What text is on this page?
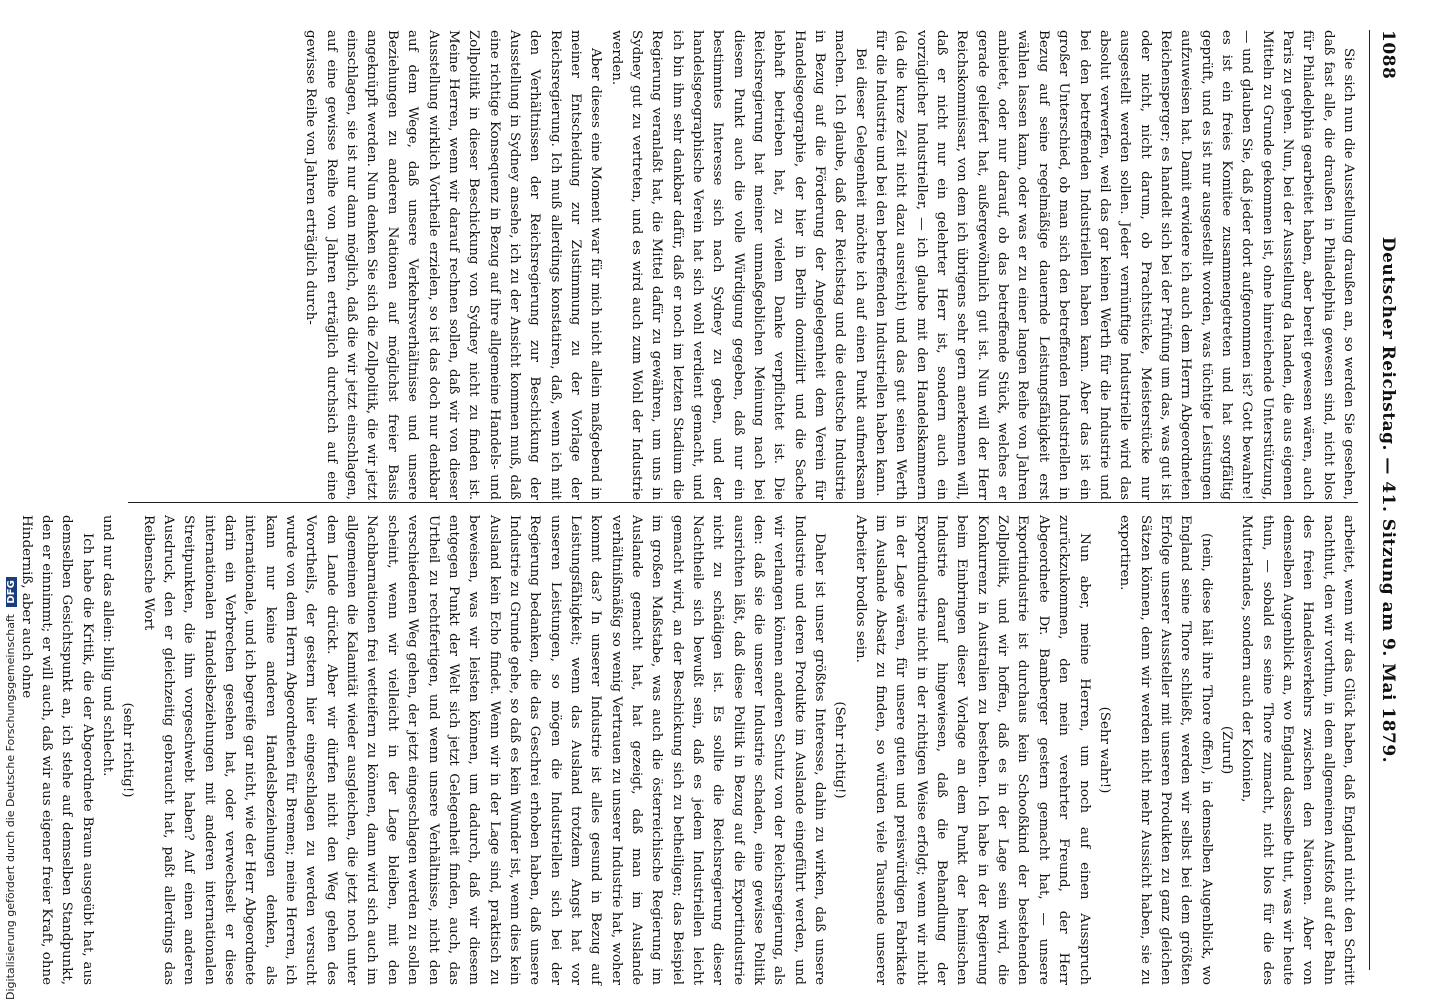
1088
Deutscher Reichstag. — 41. Sitzung am 9. Mai 1879.

Sie sich nun die Ausstellung draußen an, so werden Sie gesehen, daß fast alle, die draußen in Philadelphia gewesen sind, nicht blos für Philadelphia gearbeitet haben, aber bereit gewesen wären, auch Paris zu gehen. Nun, bei der Ausstellung da handen, die aus eigenen Mitteln zu Grunde gekommen ist, ohne hinreichende Unterstützung, — und glauben Sie, daß jeder dort aufgenommen ist? Gott bewahre! es ist ein freies Komitee zusammengetreten und hat sorgfältig geprüft, und es ist nur ausgestellt worden, was tüchtige Leistungen aufzuweisen hat. Damit erwidere ich auch dem Herrn Abgeordneten Reichensperger; es handelt sich bei der Prüfung um das, was gut ist oder nicht, nicht darum, ob Prachtstücke, Meisterstücke nur ausgestellt werden sollen. Jeder vernünftige Industrielle wird das absolut verwerfen, weil das gar keinen Werth für die Industrie und bei den betreffenden Industriellen haben kann. Aber das ist ein großer Unterschied, ob man sich den betreffenden Industriellen in Bezug auf seine regelmäßige dauernde Leistungsfähigkeit erst wählen lassen kann, oder was er zu einer langen Reihe von Jahren anbietet, oder nur darauf, ob das betreffende Stück, welches er gerade geliefert hat, außergewöhnlich gut ist. Nun will der Herr Reichskommissar, von dem ich übrigens sehr gern anerkennen will, daß er nicht nur ein gelehrter Herr ist, sondern auch ein vorzüglicher Industrieller, — ich glaube mit den Handelskammern (da die kurze Zeit nicht dazu ausreicht) und das gut seinen Werth für die Industrie und bei den betreffenden Industriellen haben kann.

Bei dieser Gelegenheit möchte ich auf einen Punkt aufmerksam machen. Ich glaube, daß der Reichstag und die deutsche Industrie in Bezug auf die Förderung der Angelegenheit dem Verein für Handelsgeographie, der hier in Berlin domizilirt und die Sache lebhaft betrieben hat, zu vielem Danke verpflichtet ist. Die Reichsregierung hat meiner unmaßgeblichen Meinung nach bei diesem Punkt auch die volle Würdigung gegeben, daß nur ein bestimmtes Interesse sich nach Sydney zu geben, und der handelsgeographische Verein hat sich wohl verdient gemacht, und ich bin ihm sehr dankbar dafür, daß er noch im letzten Stadium die Regierung veranlaßt hat, die Mittel dafür zu gewähren, um uns in Sydney gut zu vertreten, und es wird auch zum Wohl der Industrie werden.

Aber dieses eine Moment war für mich nicht allein maßgebend in meiner Entscheidung zur Zustimmung zu der Vorlage der Reichsregierung. Ich muß allerdings konstatiren, daß, wenn ich mit den Verhältnissen der Reichsregierung zur Beschickung der Ausstellung in Sydney ansehe, ich zu der Ansicht kommen muß, daß eine richtige Konsequenz in Bezug auf ihre allgemeine Handels- und Zollpolitik in dieser Beschickung von Sydney nicht zu finden ist. Meine Herren, wenn wir darauf rechnen sollen, daß wir von dieser Ausstellung wirklich Vortheile erzielen, so ist das doch nur denkbar auf dem Wege, daß unsere Verkehrsverhältnisse und unsere Beziehungen zu anderen Nationen auf möglichst freier Basis angeknüpft werden. Nun denken Sie sich die Zollpolitik, die wir jetzt einschlagen, sie ist nur dann möglich, daß die wir jetzt einschlagen, auf eine gewisse Reihe von Jahren erträglich durchsich auf eine gewisse Reihe von Jahren erträglich durch-

arbeitet, wenn wir das Glück haben, daß England nicht den Schritt nachthut, den wir vorthun, in dem allgemeinen Aufstoß auf der Bahn des freien Handelsverkehrs zwischen den Nationen. Aber von demselben Augenblick an, wo England dasselbe thut, was wir heute thun, — sobald es seine Thore zumacht, nicht blos für die des Mutterlandes, sondern auch der Kolonien,

(Zuruf)

(nein, diese hält ihre Thore offen), in demselben Augenblick, wo England seine Thore schließt, werden wir selbst bei dem größten Erfolge unserer Aussteller mit unseren Produkten zu ganz gleichen Sätzen können, denn wir werden nicht mehr Aussicht haben, sie zu exportiren.

(Sehr wahr!)

Nun aber, meine Herren, um noch auf einen Ausspruch zurückzukommen, den mein verehrter Freund, der Herr Abgeordnete Dr. Bamberger gestern gemacht hat, — unsere Exportindustrie ist durchaus kein Schooßkind der bestehenden Zollpolitik, und wir hoffen, daß es in der Lage sein wird, die Konkurrenz in Australien zu bestehen. Ich habe in der Regierung beim Einbringen dieser Vorlage an dem Punkt der heimischen Industrie darauf hingewiesen, daß die Behandlung der Exportindustrie nicht in der richtigen Weise erfolgt; wenn wir nicht in der Lage wären, für unsere guten und preiswürdigen Fabrikate im Auslande Absatz zu finden, so würden viele Tausende unserer Arbeiter brodlos sein.

(Sehr richtig!)

Daher ist unser größtes Interesse, dahin zu wirken, daß unsere Industrie und deren Produkte im Auslande eingeführt werden, und wir verlangen können anderen Schutz von der Reichsregierung, als den: daß sie die unserer Industrie schaden, eine gewisse Politik ausrichten läßt, daß diese Politik in Bezug auf die Exportindustrie nicht zu schädigen ist. Es sollte die Reichsregierung dieser Nachtheile sich bewußt sein, daß es jedem Industriellen leicht gemacht wird, an der Beschickung sich zu betheiligen; das Beispiel im großen Maßstabe, was auch die österreichische Regierung im Auslande gemacht hat, hat gezeigt, daß man im Auslande verhältnißmäßig so wenig Vertrauen zu unserer Industrie hat, woher kommt das? In unserer Industrie ist alles gesund in Bezug auf Leistungsfähigkeit; wenn das Ausland trotzdem Angst hat vor unseren Leistungen, so mögen die Industriellen sich bei der Regierung bedanken, die das Geschrei erhoben haben, daß unsere Industrie zu Grunde gehe, so daß es kein Wunder ist, wenn dies kein Ausland kein Echo findet. Wenn wir in der Lage sind, praktisch zu beweisen, was wir leisten können, um dadurch, daß wir diesem entgegen Punkt der Welt sich jetzt Gelegenheit finden, auch, das Urtheil zu rechtfertigen, und wenn unsere Verhältnisse, nicht den verschiedenen Weg gehen, der jetzt eingeschlagen werden zu sollen scheint, wenn wir vielleicht in der Lage bleiben, mit den Nachbarnationen frei wetteifern zu können, dann wird sich auch im allgemeinen die Kalamität wieder ausgleichen, die jetzt noch unter dem Lande drückt. Aber wir dürfen nicht den Weg gehen des Vorortheils, der gestern hier eingeschlagen zu werden versucht wurde von dem Herrn Abgeordneten für Bremen; meine Herren, ich kann nur keine anderen Handelsbeziehungen denken, als internationale, und ich begreife gar nicht, wie der Herr Abgeordnete darin ein Verbrechen gesehen hat, oder verwechselt er diese internationalen Handelsbeziehungen mit anderen internationalen Streitpunkten, die ihm vorgeschwebt haben? Auf einen anderen Ausdruck, den er gleichzeitig gebraucht hat, paßt allerdings das Reibensche Wort

(sehr richtig!)

und nur das allein: billig und schlecht.

Ich habe die Kritik, die der Abgeordnete Braun ausgeübt hat, aus demselben Gesichtspunkt an, ich stehe auf demselben Standpunkt, den er einnimmt; er will auch, daß wir aus eigener freier Kraft, ohne Hinderniß, aber auch ohne

Digitalisierung gefördert durch die Deutsche Forschungsgemeinschaft DFG
